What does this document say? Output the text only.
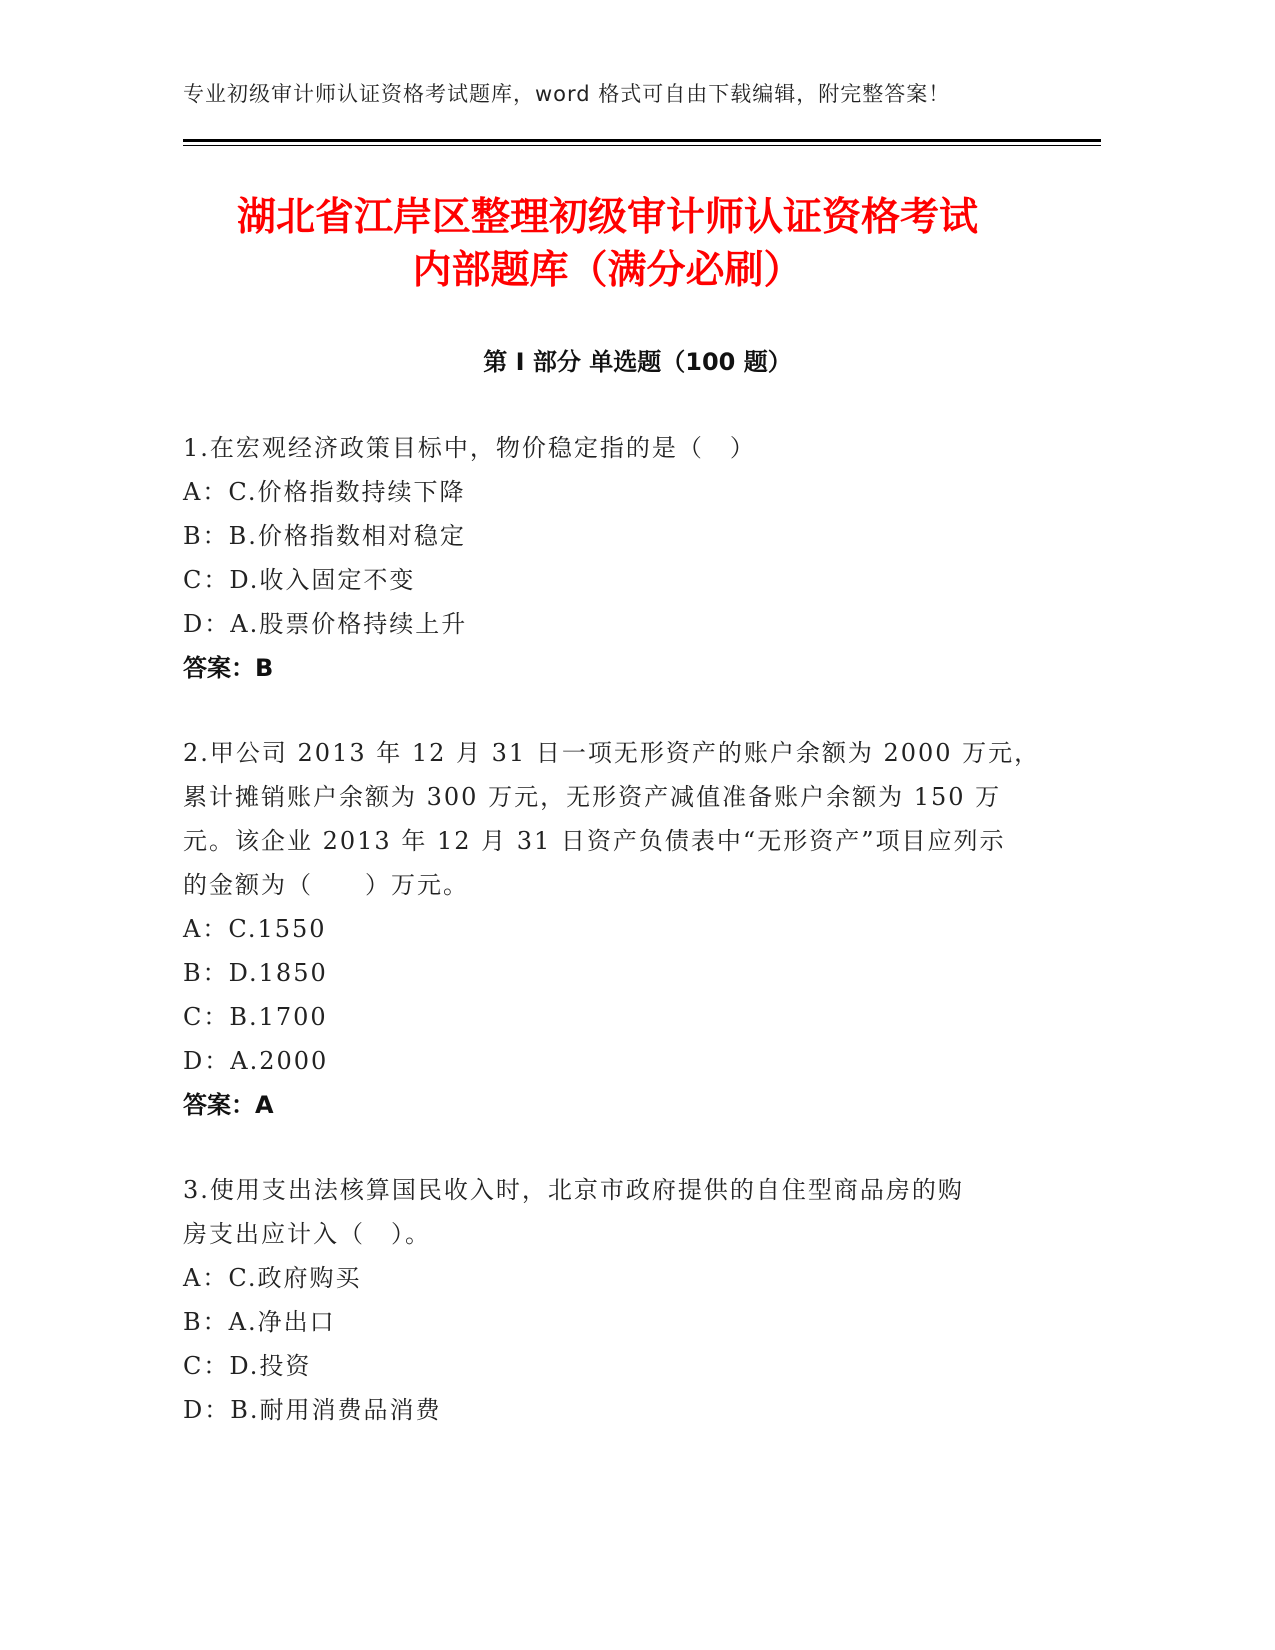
专业初级审计师认证资格考试题库，word 格式可自由下载编辑，附完整答案！
湖北省江岸区整理初级审计师认证资格考试
内部题库（满分必刷）
第 I 部分 单选题（100 题）
1.在宏观经济政策目标中，物价稳定指的是（　）
A：C.价格指数持续下降
B：B.价格指数相对稳定
C：D.收入固定不变
D：A.股票价格持续上升
答案：B
2.甲公司 2013 年 12 月 31 日一项无形资产的账户余额为 2000 万元，
累计摊销账户余额为 300 万元，无形资产减值准备账户余额为 150 万
元。该企业 2013 年 12 月 31 日资产负债表中“无形资产”项目应列示
的金额为（　　）万元。
A：C.1550
B：D.1850
C：B.1700
D：A.2000
答案：A
3.使用支出法核算国民收入时，北京市政府提供的自住型商品房的购
房支出应计入（　）。
A：C.政府购买
B：A.净出口
C：D.投资
D：B.耐用消费品消费
